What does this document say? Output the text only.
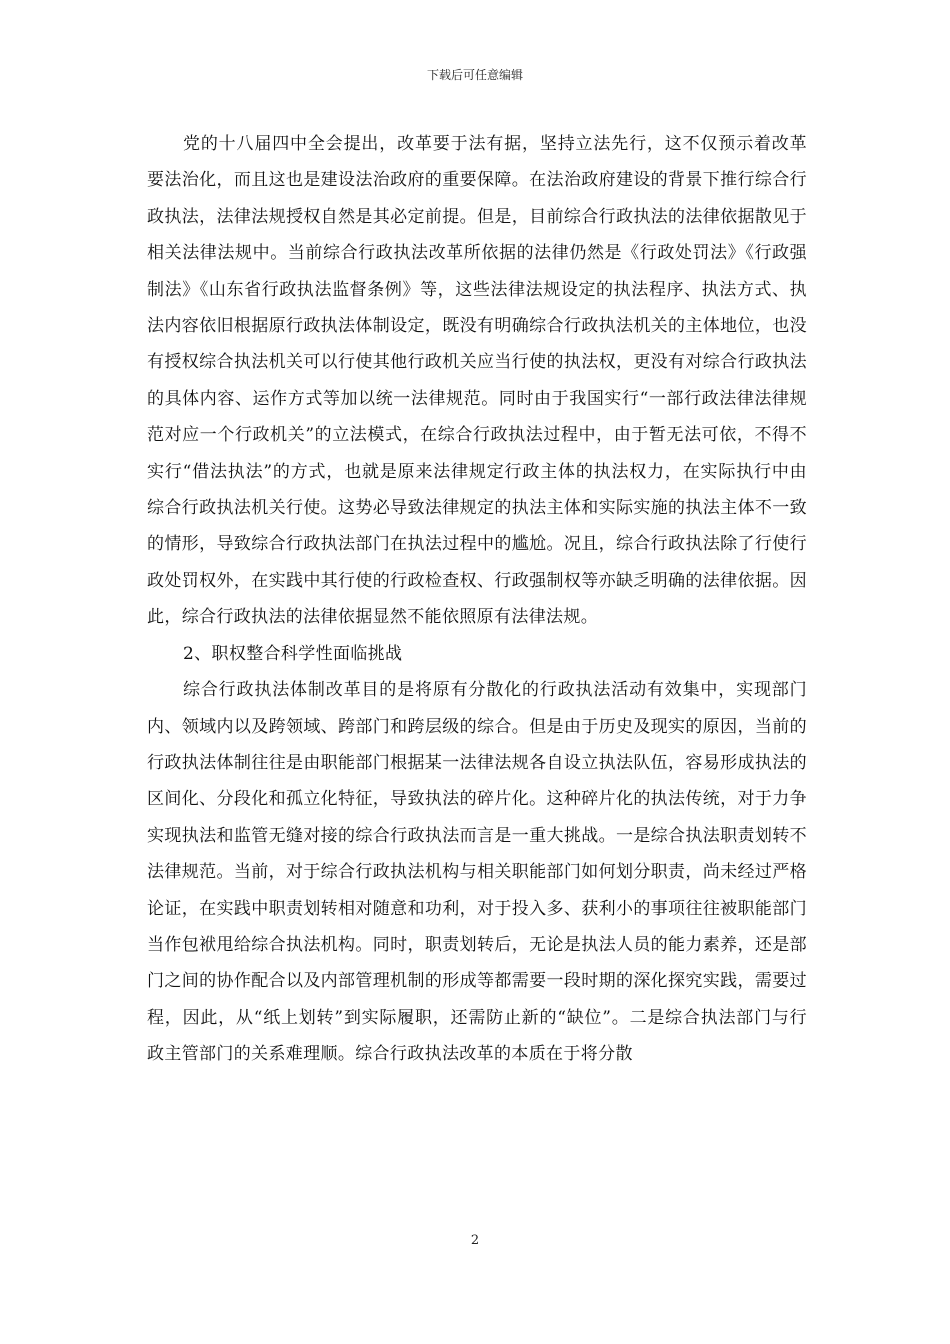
下载后可任意编辑

党的十八届四中全会提出，改革要于法有据，坚持立法先行，这不仅预示着改革要法治化，而且这也是建设法治政府的重要保障。在法治政府建设的背景下推行综合行政执法，法律法规授权自然是其必定前提。但是，目前综合行政执法的法律依据散见于相关法律法规中。当前综合行政执法改革所依据的法律仍然是《行政处罚法》《行政强制法》《山东省行政执法监督条例》等，这些法律法规设定的执法程序、执法方式、执法内容依旧根据原行政执法体制设定，既没有明确综合行政执法机关的主体地位，也没有授权综合执法机关可以行使其他行政机关应当行使的执法权，更没有对综合行政执法的具体内容、运作方式等加以统一法律规范。同时由于我国实行“一部行政法律法律规范对应一个行政机关”的立法模式，在综合行政执法过程中，由于暂无法可依，不得不实行“借法执法”的方式，也就是原来法律规定行政主体的执法权力，在实际执行中由综合行政执法机关行使。这势必导致法律规定的执法主体和实际实施的执法主体不一致的情形，导致综合行政执法部门在执法过程中的尴尬。况且，综合行政执法除了行使行政处罚权外，在实践中其行使的行政检查权、行政强制权等亦缺乏明确的法律依据。因此，综合行政执法的法律依据显然不能依照原有法律法规。

2、职权整合科学性面临挑战

综合行政执法体制改革目的是将原有分散化的行政执法活动有效集中，实现部门内、领域内以及跨领域、跨部门和跨层级的综合。但是由于历史及现实的原因，当前的行政执法体制往往是由职能部门根据某一法律法规各自设立执法队伍，容易形成执法的区间化、分段化和孤立化特征，导致执法的碎片化。这种碎片化的执法传统，对于力争实现执法和监管无缝对接的综合行政执法而言是一重大挑战。一是综合执法职责划转不法律规范。当前，对于综合行政执法机构与相关职能部门如何划分职责，尚未经过严格论证，在实践中职责划转相对随意和功利，对于投入多、获利小的事项往往被职能部门当作包袱甩给综合执法机构。同时，职责划转后，无论是执法人员的能力素养，还是部门之间的协作配合以及内部管理机制的形成等都需要一段时期的深化探究实践，需要过程，因此，从“纸上划转”到实际履职，还需防止新的“缺位”。二是综合执法部门与行政主管部门的关系难理顺。综合行政执法改革的本质在于将分散

2
